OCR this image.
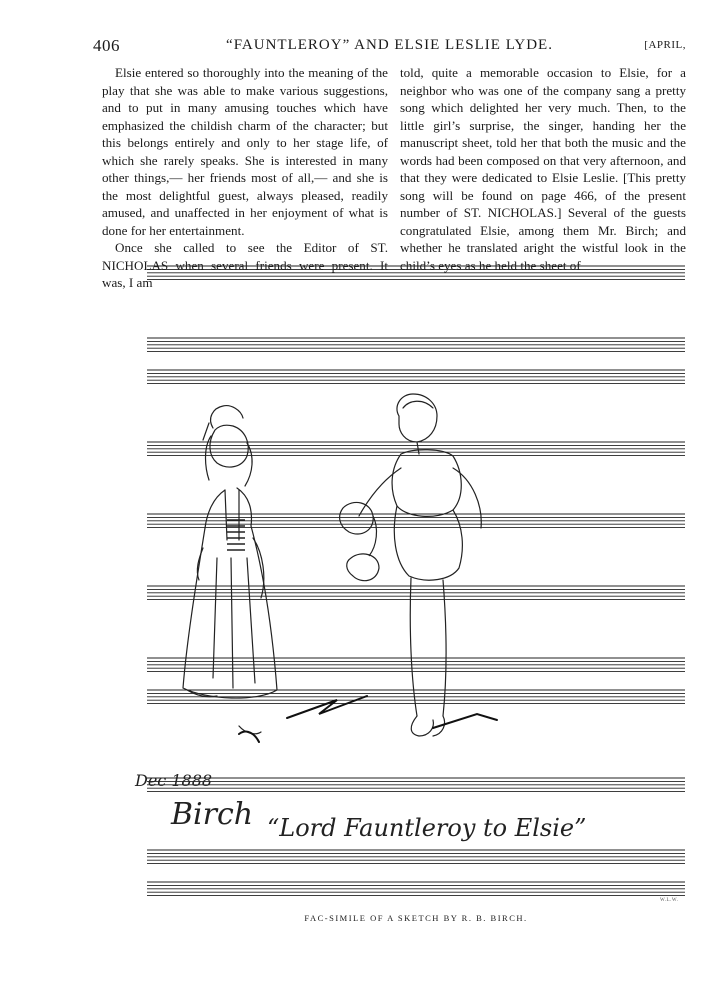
406	“FAUNTLEROY” AND ELSIE LESLIE LYDE.	[APRIL,

Elsie entered so thoroughly into the meaning of the play that she was able to make various suggestions, and to put in many amusing touches which have emphasized the childish charm of the character; but this belongs entirely and only to her stage life, of which she rarely speaks. She is interested in many other things,— her friends most of all,— and she is the most delightful guest, always pleased, readily amused, and unaffected in her enjoyment of what is done for her entertainment.

Once she called to see the Editor of ST. NICHOLAS when several friends were present. It was, I am

told, quite a memorable occasion to Elsie, for a neighbor who was one of the company sang a pretty song which delighted her very much. Then, to the little girl’s surprise, the singer, handing her the manuscript sheet, told her that both the music and the words had been composed on that very afternoon, and that they were dedicated to Elsie Leslie. [This pretty song will be found on page 466, of the present number of ST. NICHOLAS.] Several of the guests congratulated Elsie, among them Mr. Birch; and whether he translated aright the wistful look in the child’s eyes as he held the sheet of

Dec 1888
Birch “Lord Fauntleroy to Elsie”
W.L.W.
FAC-SIMILE OF A SKETCH BY R. B. BIRCH.
